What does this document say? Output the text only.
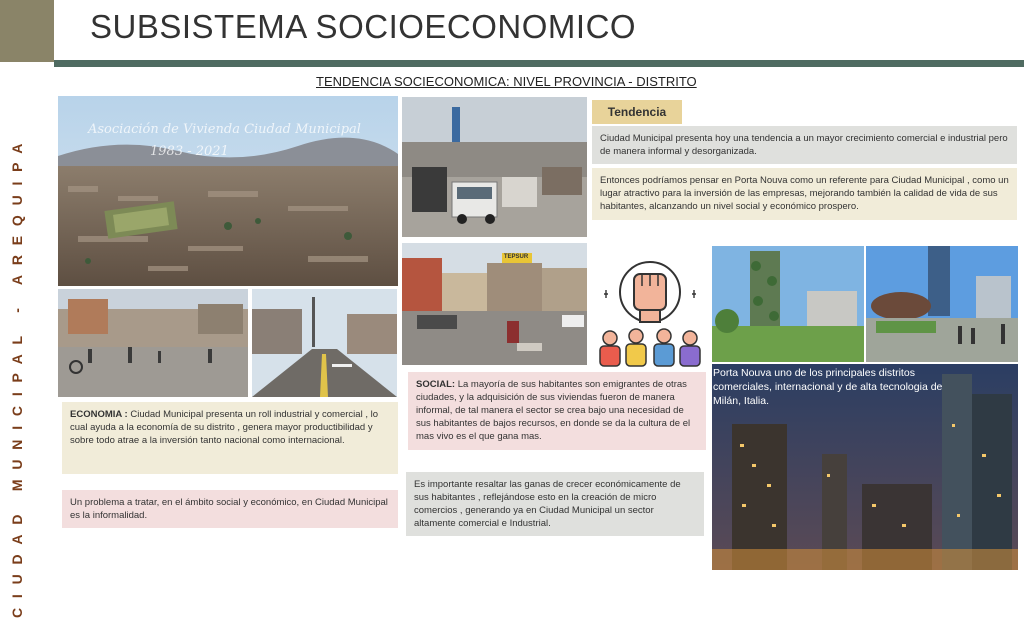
SUBSISTEMA SOCIOECONOMICO
CIUDAD MUNICIPAL - AREQUIPA
TENDENCIA SOCIECONOMICA: NIVEL PROVINCIA - DISTRITO
Asociación de Vivienda Ciudad Municipal
1983 - 2021
TEPSUR
Tendencia
Ciudad Municipal presenta hoy una tendencia a un mayor crecimiento comercial e industrial pero de manera informal y desorganizada.
Entonces podríamos pensar en Porta Nouva como un referente para Ciudad Municipal , como un lugar atractivo para la inversión de las empresas, mejorando también la calidad de vida de sus habitantes, alcanzando un nivel social y económico prospero.
ECONOMIA : Ciudad Municipal presenta un roll industrial y comercial , lo cual ayuda a la economía de su distrito , genera mayor productibilidad y sobre todo atrae a la inversión tanto nacional como internacional.
Un problema a tratar, en el ámbito social y económico, en Ciudad Municipal es la informalidad.
SOCIAL: La mayoría de sus habitantes son emigrantes de otras ciudades, y la adquisición de sus viviendas fueron de manera informal, de tal manera el sector se crea bajo una necesidad de sus habitantes de bajos recursos, en donde se da la cultura de el mas vivo es el que gana mas.
Es importante resaltar las ganas de crecer económicamente de sus habitantes , reflejándose esto en la creación de micro comercios , generando ya en Ciudad Municipal un sector altamente comercial e Industrial.
Porta Nouva uno de los principales distritos comerciales, internacional y de alta tecnologia de Milán, Italia.
